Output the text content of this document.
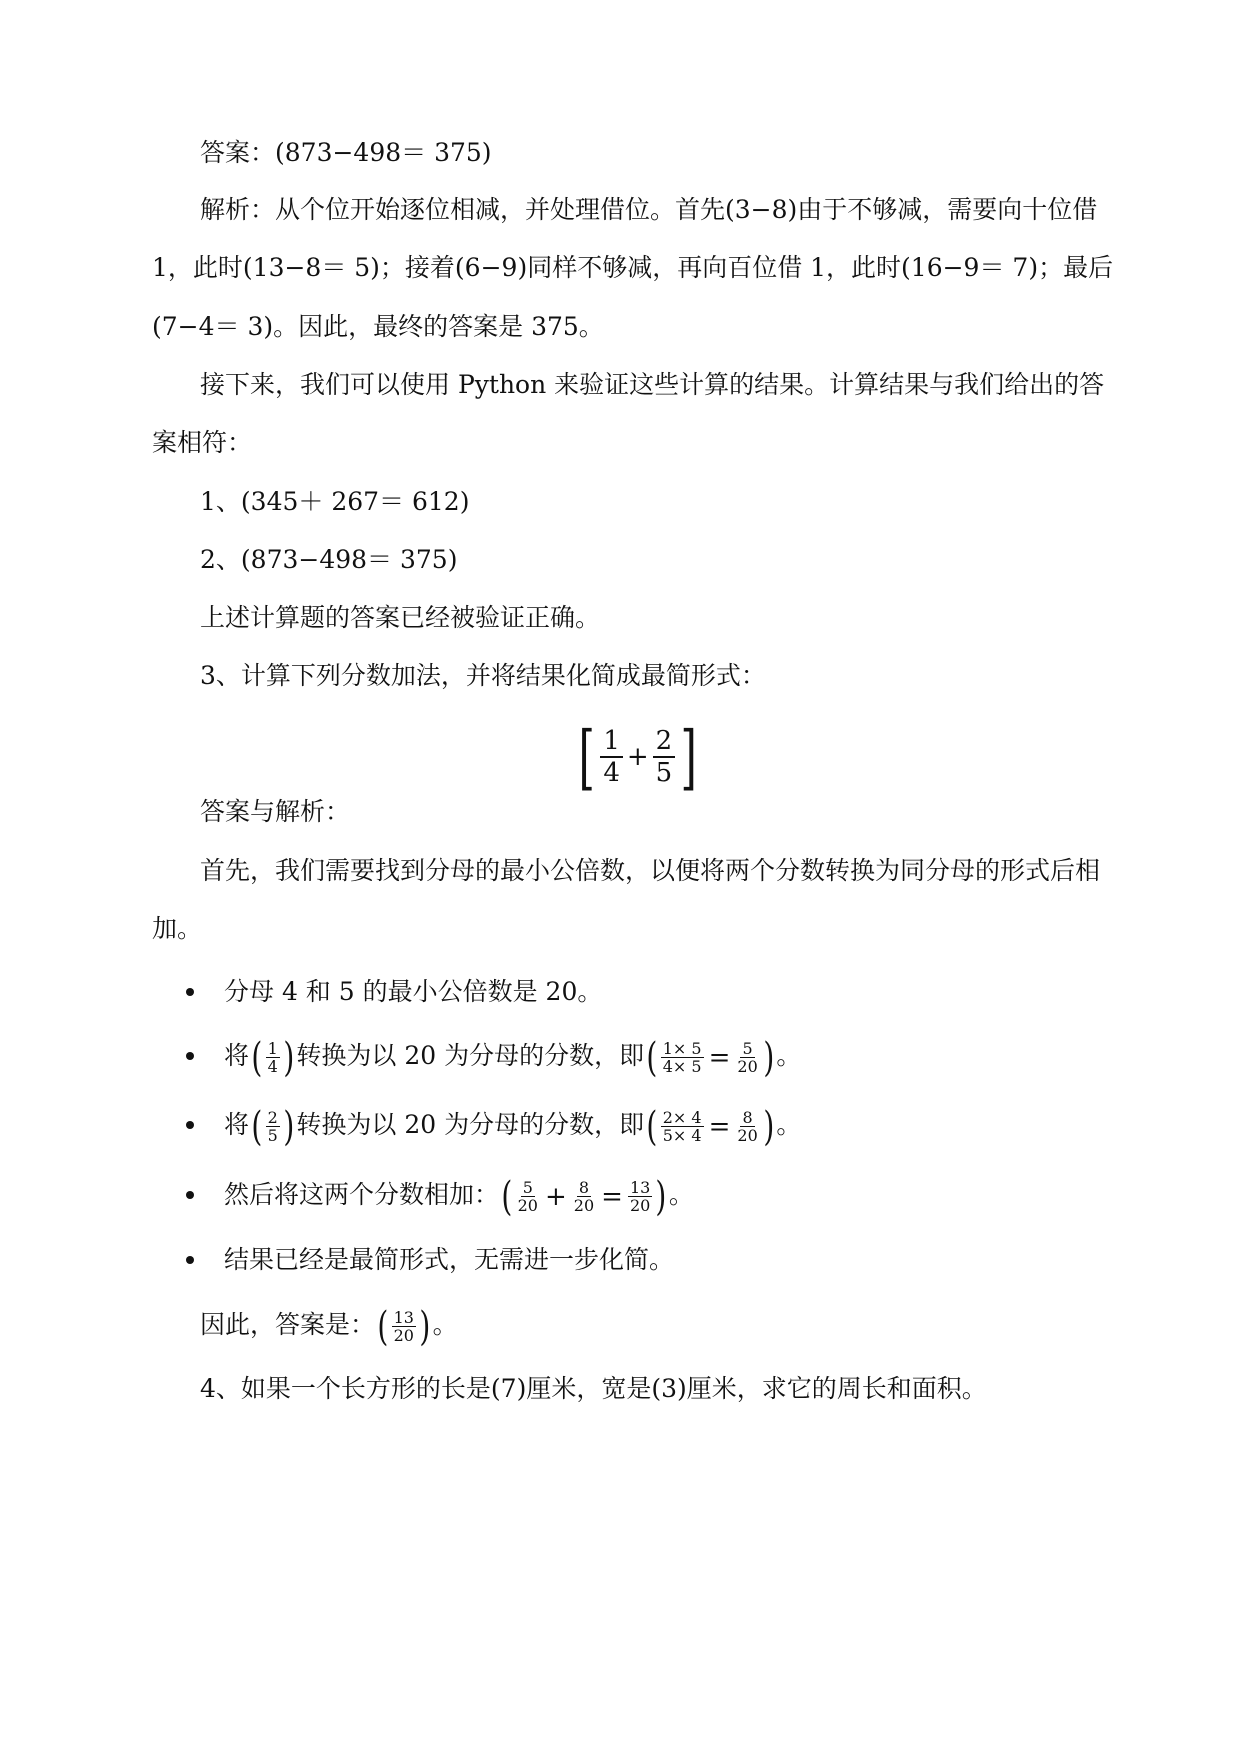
答案：(873−498＝ 375)
解析：从个位开始逐位相减，并处理借位。首先(3−8)由于不够减，需要向十位借
1，此时(13−8＝ 5)；接着(6−9)同样不够减，再向百位借 1，此时(16−9＝ 7)；最后
(7−4＝ 3)。因此，最终的答案是 375。
接下来，我们可以使用 Python 来验证这些计算的结果。计算结果与我们给出的答
案相符：
1、(345＋ 267＝ 612)
2、(873−498＝ 375)
上述计算题的答案已经被验证正确。
3、计算下列分数加法，并将结果化简成最简形式：
[ $\frac{1}{4} + \frac{2}{5}$ ]
答案与解析：
首先，我们需要找到分母的最小公倍数，以便将两个分数转换为同分母的形式后相
加。
分母 4 和 5 的最小公倍数是 20。
将( $\frac{1}{4}$ )转换为以 20 为分母的分数，即( $\frac{1\times 5}{4\times 5} = \frac{5}{20}$ )。
将( $\frac{2}{5}$ )转换为以 20 为分母的分数，即( $\frac{2\times 4}{5\times 4} = \frac{8}{20}$ )。
然后将这两个分数相加：( $\frac{5}{20} + \frac{8}{20} = \frac{13}{20}$ )。
结果已经是最简形式，无需进一步化简。
因此，答案是：( $\frac{13}{20}$ )。
4、如果一个长方形的长是(7)厘米，宽是(3)厘米，求它的周长和面积。
